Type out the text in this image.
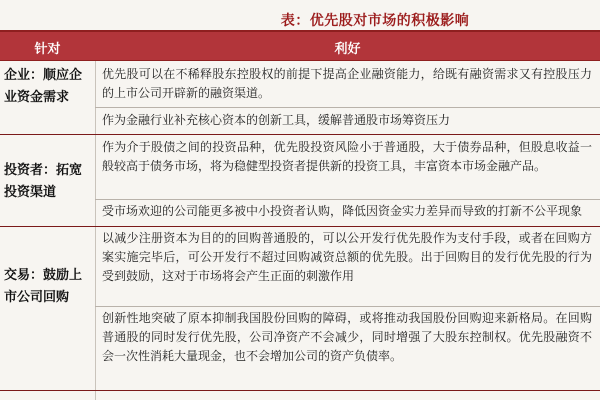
表：优先股对市场的积极影响
针对	利好
企业：顺应企业资金需求
优先股可以在不稀释股东控股权的前提下提高企业融资能力，给既有融资需求又有控股压力的上市公司开辟新的融资渠道。
作为金融行业补充核心资本的创新工具，缓解普通股市场筹资压力
投资者：拓宽投资渠道
作为介于股债之间的投资品种，优先股投资风险小于普通股，大于债券品种，但股息收益一般较高于债务市场，将为稳健型投资者提供新的投资工具，丰富资本市场金融产品。
受市场欢迎的公司能更多被中小投资者认购，降低因资金实力差异而导致的打新不公平现象
交易：鼓励上市公司回购
以减少注册资本为目的的回购普通股的，可以公开发行优先股作为支付手段，或者在回购方案实施完毕后，可公开发行不超过回购减资总额的优先股。出于回购目的发行优先股的行为受到鼓励，这对于市场将会产生正面的刺激作用
创新性地突破了原本抑制我国股份回购的障碍，或将推动我国股份回购迎来新格局。在回购普通股的同时发行优先股，公司净资产不会减少，同时增强了大股东控制权。优先股融资不会一次性消耗大量现金，也不会增加公司的资产负债率。
